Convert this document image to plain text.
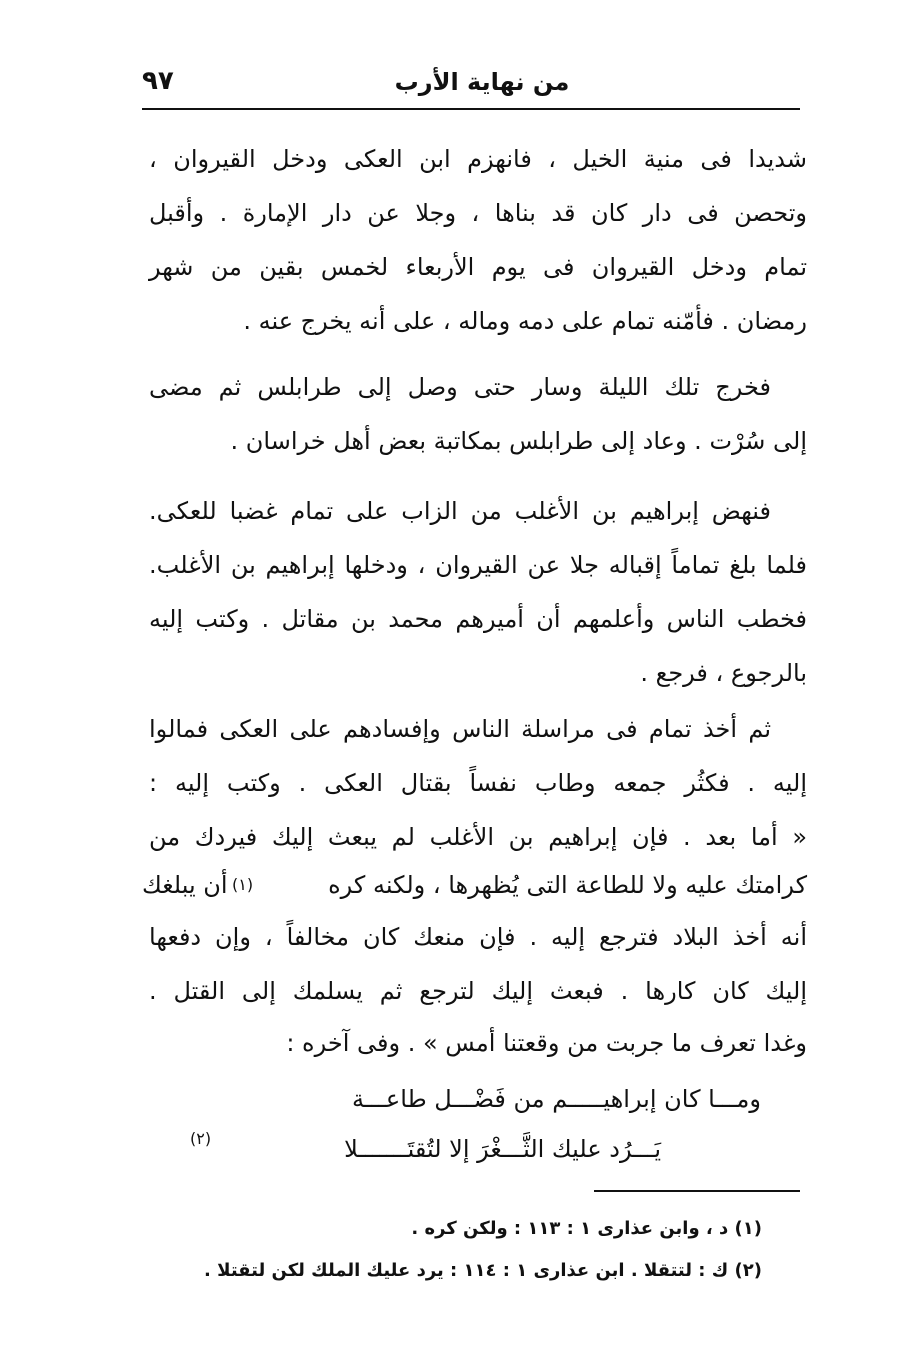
٩٧	من نهاية الأرب
شديدا فى منية الخيل ، فانهزم ابن العكى ودخل القيروان ،
وتحصن فى دار كان قد بناها ، وجلا عن دار الإمارة . وأقبل
تمام ودخل القيروان فى يوم الأربعاء لخمس بقين من شهر
رمضان . فأمّنه تمام على دمه وماله ، على أنه يخرج عنه .
فخرج تلك الليلة وسار حتى وصل إلى طرابلس ثم مضى
إلى سُرْت . وعاد إلى طرابلس بمكاتبة بعض أهل خراسان .
فنهض إبراهيم بن الأغلب من الزاب على تمام غضبا للعكى.
فلما بلغ تماماً إقباله جلا عن القيروان ، ودخلها إبراهيم بن الأغلب.
فخطب الناس وأعلمهم أن أميرهم محمد بن مقاتل . وكتب إليه
بالرجوع ، فرجع .
ثم أخذ تمام فى مراسلة الناس وإفسادهم على العكى فمالوا
إليه . فكثُر جمعه وطاب نفساً بقتال العكى . وكتب إليه :
« أما بعد . فإن إبراهيم بن الأغلب لم يبعث إليك فيردك من
كرامتك عليه ولا للطاعة التى يُظهرها ، ولكنه كره
(١)
أن يبلغك
أنه أخذ البلاد فترجع إليه . فإن منعك كان مخالفاً ، وإن دفعها
إليك كان كارها . فبعث إليك لترجع ثم يسلمك إلى القتل .
وغدا تعرف ما جربت من وقعتنا أمس » . وفى آخره :
ومـــا كان إبراهيـــــم من فَضْـــل طاعـــة
يَـــرُد عليك الثَّـــغْرَ إلا لتُقتَـــــــلا
(٢)
(١) د ، وابن عذارى ١ : ١١٣ : ولكن كره .
(٢) ك : لتتقلا . ابن عذارى ١ : ١١٤ : يرد عليك الملك لكن لتقتلا .
